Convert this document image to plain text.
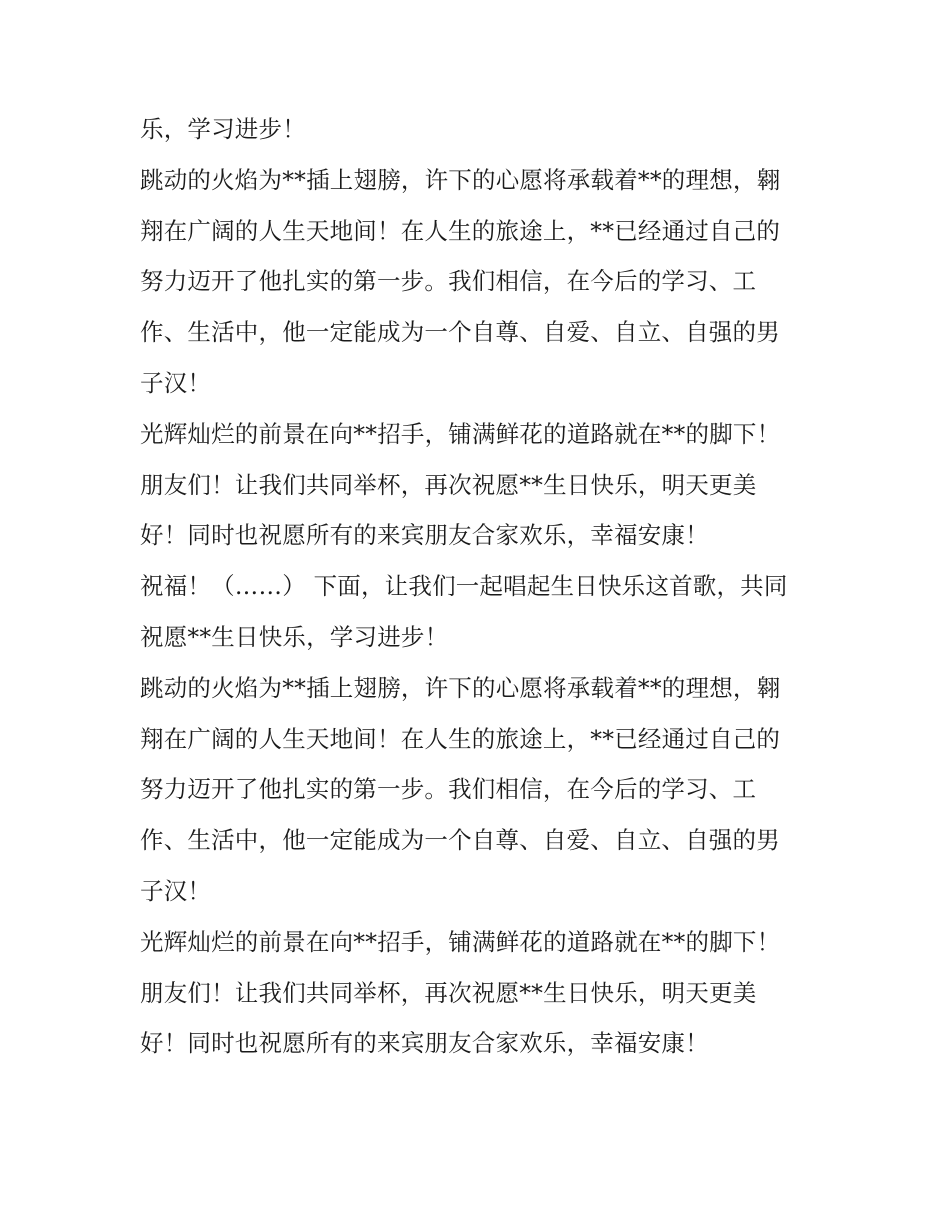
乐，学习进步！
跳动的火焰为**插上翅膀，许下的心愿将承载着**的理想，翱
翔在广阔的人生天地间！在人生的旅途上，**已经通过自己的
努力迈开了他扎实的第一步。我们相信，在今后的学习、工
作、生活中，他一定能成为一个自尊、自爱、自立、自强的男
子汉！
光辉灿烂的前景在向**招手，铺满鲜花的道路就在**的脚下！
朋友们！让我们共同举杯，再次祝愿**生日快乐，明天更美
好！同时也祝愿所有的来宾朋友合家欢乐，幸福安康！
祝福！（……） 下面，让我们一起唱起生日快乐这首歌，共同
祝愿**生日快乐，学习进步！
跳动的火焰为**插上翅膀，许下的心愿将承载着**的理想，翱
翔在广阔的人生天地间！在人生的旅途上，**已经通过自己的
努力迈开了他扎实的第一步。我们相信，在今后的学习、工
作、生活中，他一定能成为一个自尊、自爱、自立、自强的男
子汉！
光辉灿烂的前景在向**招手，铺满鲜花的道路就在**的脚下！
朋友们！让我们共同举杯，再次祝愿**生日快乐，明天更美
好！同时也祝愿所有的来宾朋友合家欢乐，幸福安康！
